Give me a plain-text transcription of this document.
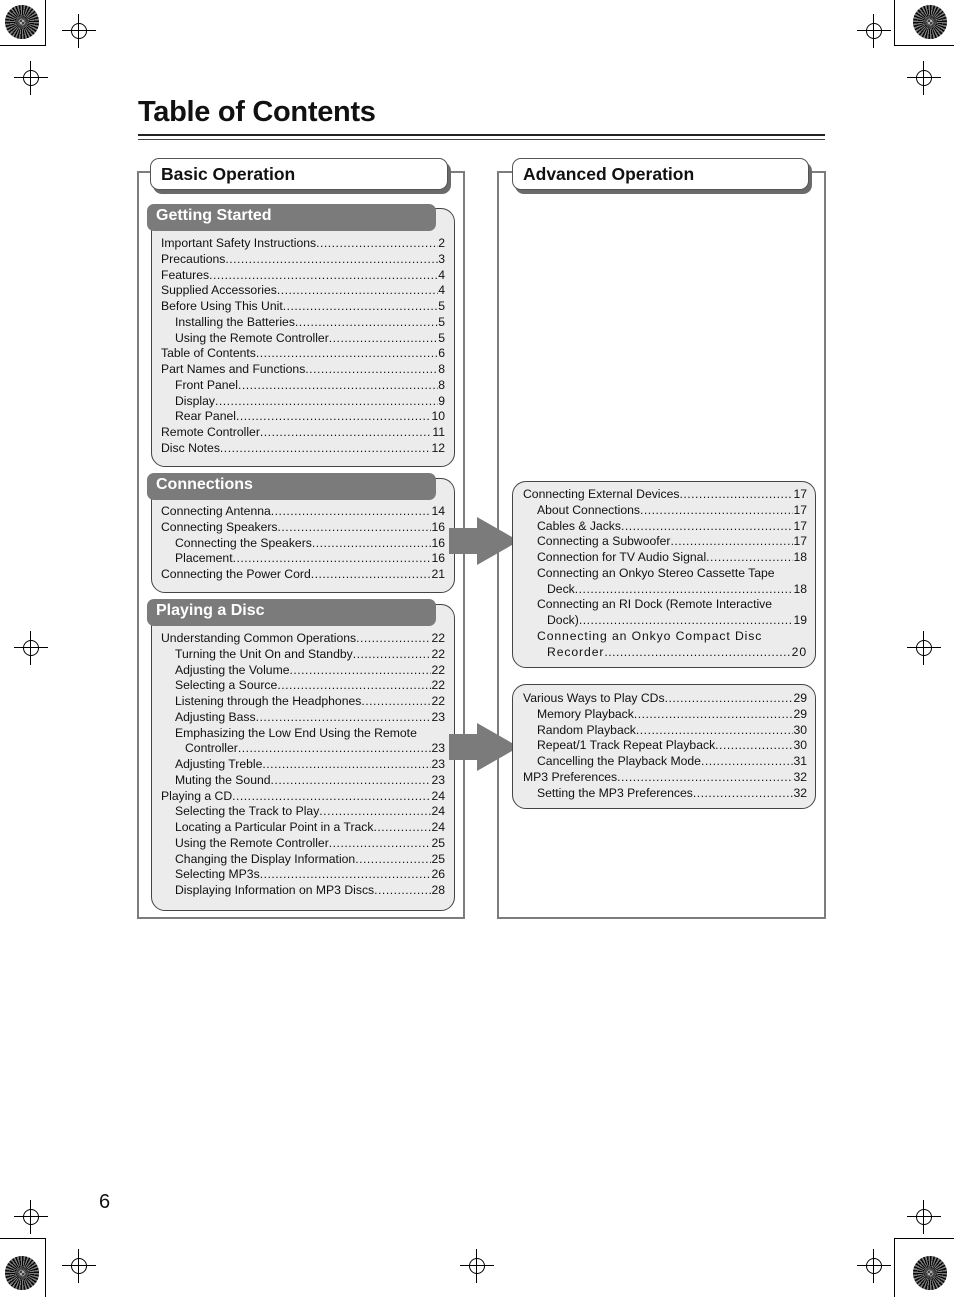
Table of Contents
Basic Operation	Advanced Operation
Getting Started
Important Safety Instructions .....	2
Precautions .....	3
Features .....	4
Supplied Accessories .....	4
Before Using This Unit .....	5
Installing the Batteries .....	5
Using the Remote Controller .....	5
Table of Contents .....	6
Part Names and Functions .....	8
Front Panel .....	8
Display .....	9
Rear Panel .....	10
Remote Controller .....	11
Disc Notes .....	12
Connections
Connecting Antenna .....	14
Connecting Speakers .....	16
Connecting the Speakers .....	16
Placement .....	16
Connecting the Power Cord .....	21
Playing a Disc
Understanding Common Operations .....	22
Turning the Unit On and Standby .....	22
Adjusting the Volume .....	22
Selecting a Source .....	22
Listening through the Headphones .....	22
Adjusting Bass .....	23
Emphasizing the Low End Using the Remote
Controller .....	23
Adjusting Treble .....	23
Muting the Sound .....	23
Playing a CD .....	24
Selecting the Track to Play .....	24
Locating a Particular Point in a Track .....	24
Using the Remote Controller .....	25
Changing the Display Information .....	25
Selecting MP3s .....	26
Displaying Information on MP3 Discs .....	28
Connecting External Devices .....	17
About Connections .....	17
Cables & Jacks .....	17
Connecting a Subwoofer .....	17
Connection for TV Audio Signal .....	18
Connecting an Onkyo Stereo Cassette Tape
Deck .....	18
Connecting an RI Dock (Remote Interactive
Dock) .....	19
Connecting an Onkyo Compact Disc
Recorder .....	20
Various Ways to Play CDs .....	29
Memory Playback .....	29
Random Playback .....	30
Repeat/1 Track Repeat Playback .....	30
Cancelling the Playback Mode .....	31
MP3 Preferences .....	32
Setting the MP3 Preferences .....	32
6
